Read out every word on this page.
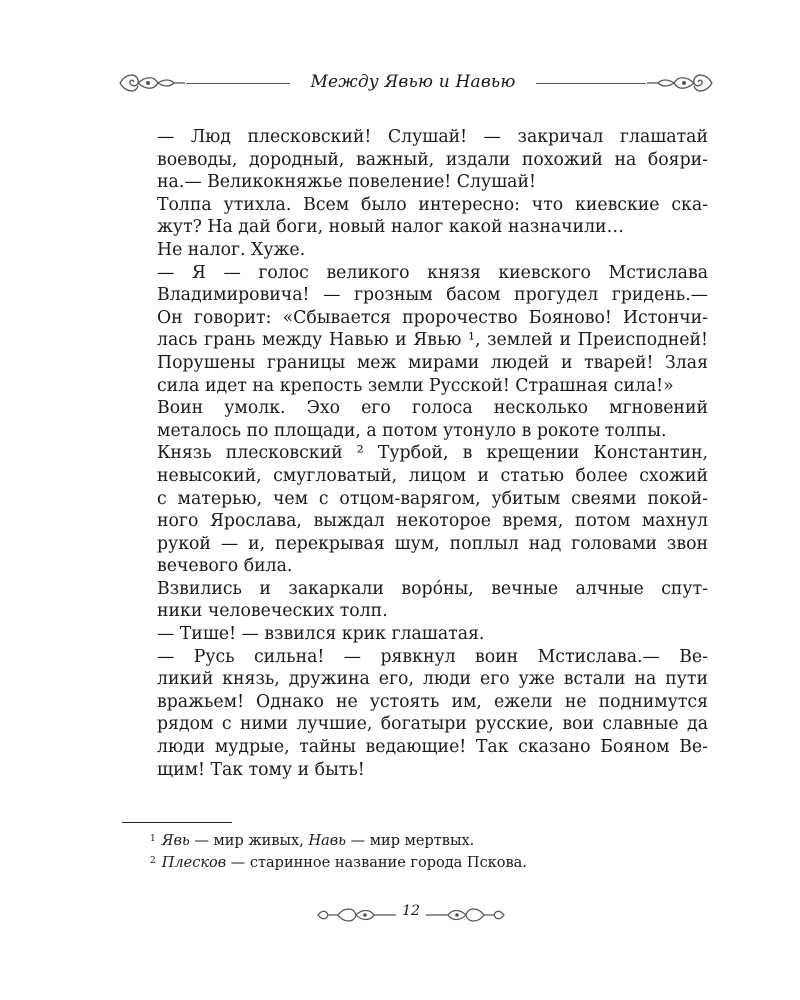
Между Явью и Навью

— Люд плесковский! Слушай! — закричал глашатай
воеводы, дородный, важный, издали похожий на бояри-
на.— Великокняжье повеление! Слушай!

Толпа утихла. Всем было интересно: что киевские ска-
жут? На дай боги, новый налог какой назначили…

Не налог. Хуже.

— Я — голос великого князя киевского Мстислава
Владимировича! — грозным басом прогудел гридень.—
Он говорит: «Сбывается пророчество Бояново! Истончи-
лась грань между Навью и Явью ¹, землей и Преисподней!
Порушены границы меж мирами людей и тварей! Злая
сила идет на крепость земли Русской! Страшная сила!»

Воин умолк. Эхо его голоса несколько мгновений
металось по площади, а потом утонуло в рокоте толпы.

Князь плесковский ² Турбой, в крещении Константин,
невысокий, смугловатый, лицом и статью более схожий
с матерью, чем с отцом-варягом, убитым свеями покой-
ного Ярослава, выждал некоторое время, потом махнул
рукой — и, перекрывая шум, поплыл над головами звон
вечевого била.

Взвились и закаркали воро́ны, вечные алчные спут-
ники человеческих толп.

— Тише! — взвился крик глашатая.

— Русь сильна! — рявкнул воин Мстислава.— Ве-
ликий князь, дружина его, люди его уже встали на пути
вражьем! Однако не устоять им, ежели не поднимутся
рядом с ними лучшие, богатыри русские, вои славные да
люди мудрые, тайны ведающие! Так сказано Бояном Ве-
щим! Так тому и быть!

$^1$ Явь — мир живых, Навь — мир мертвых.
$^2$ Плесков — старинное название города Пскова.
12
